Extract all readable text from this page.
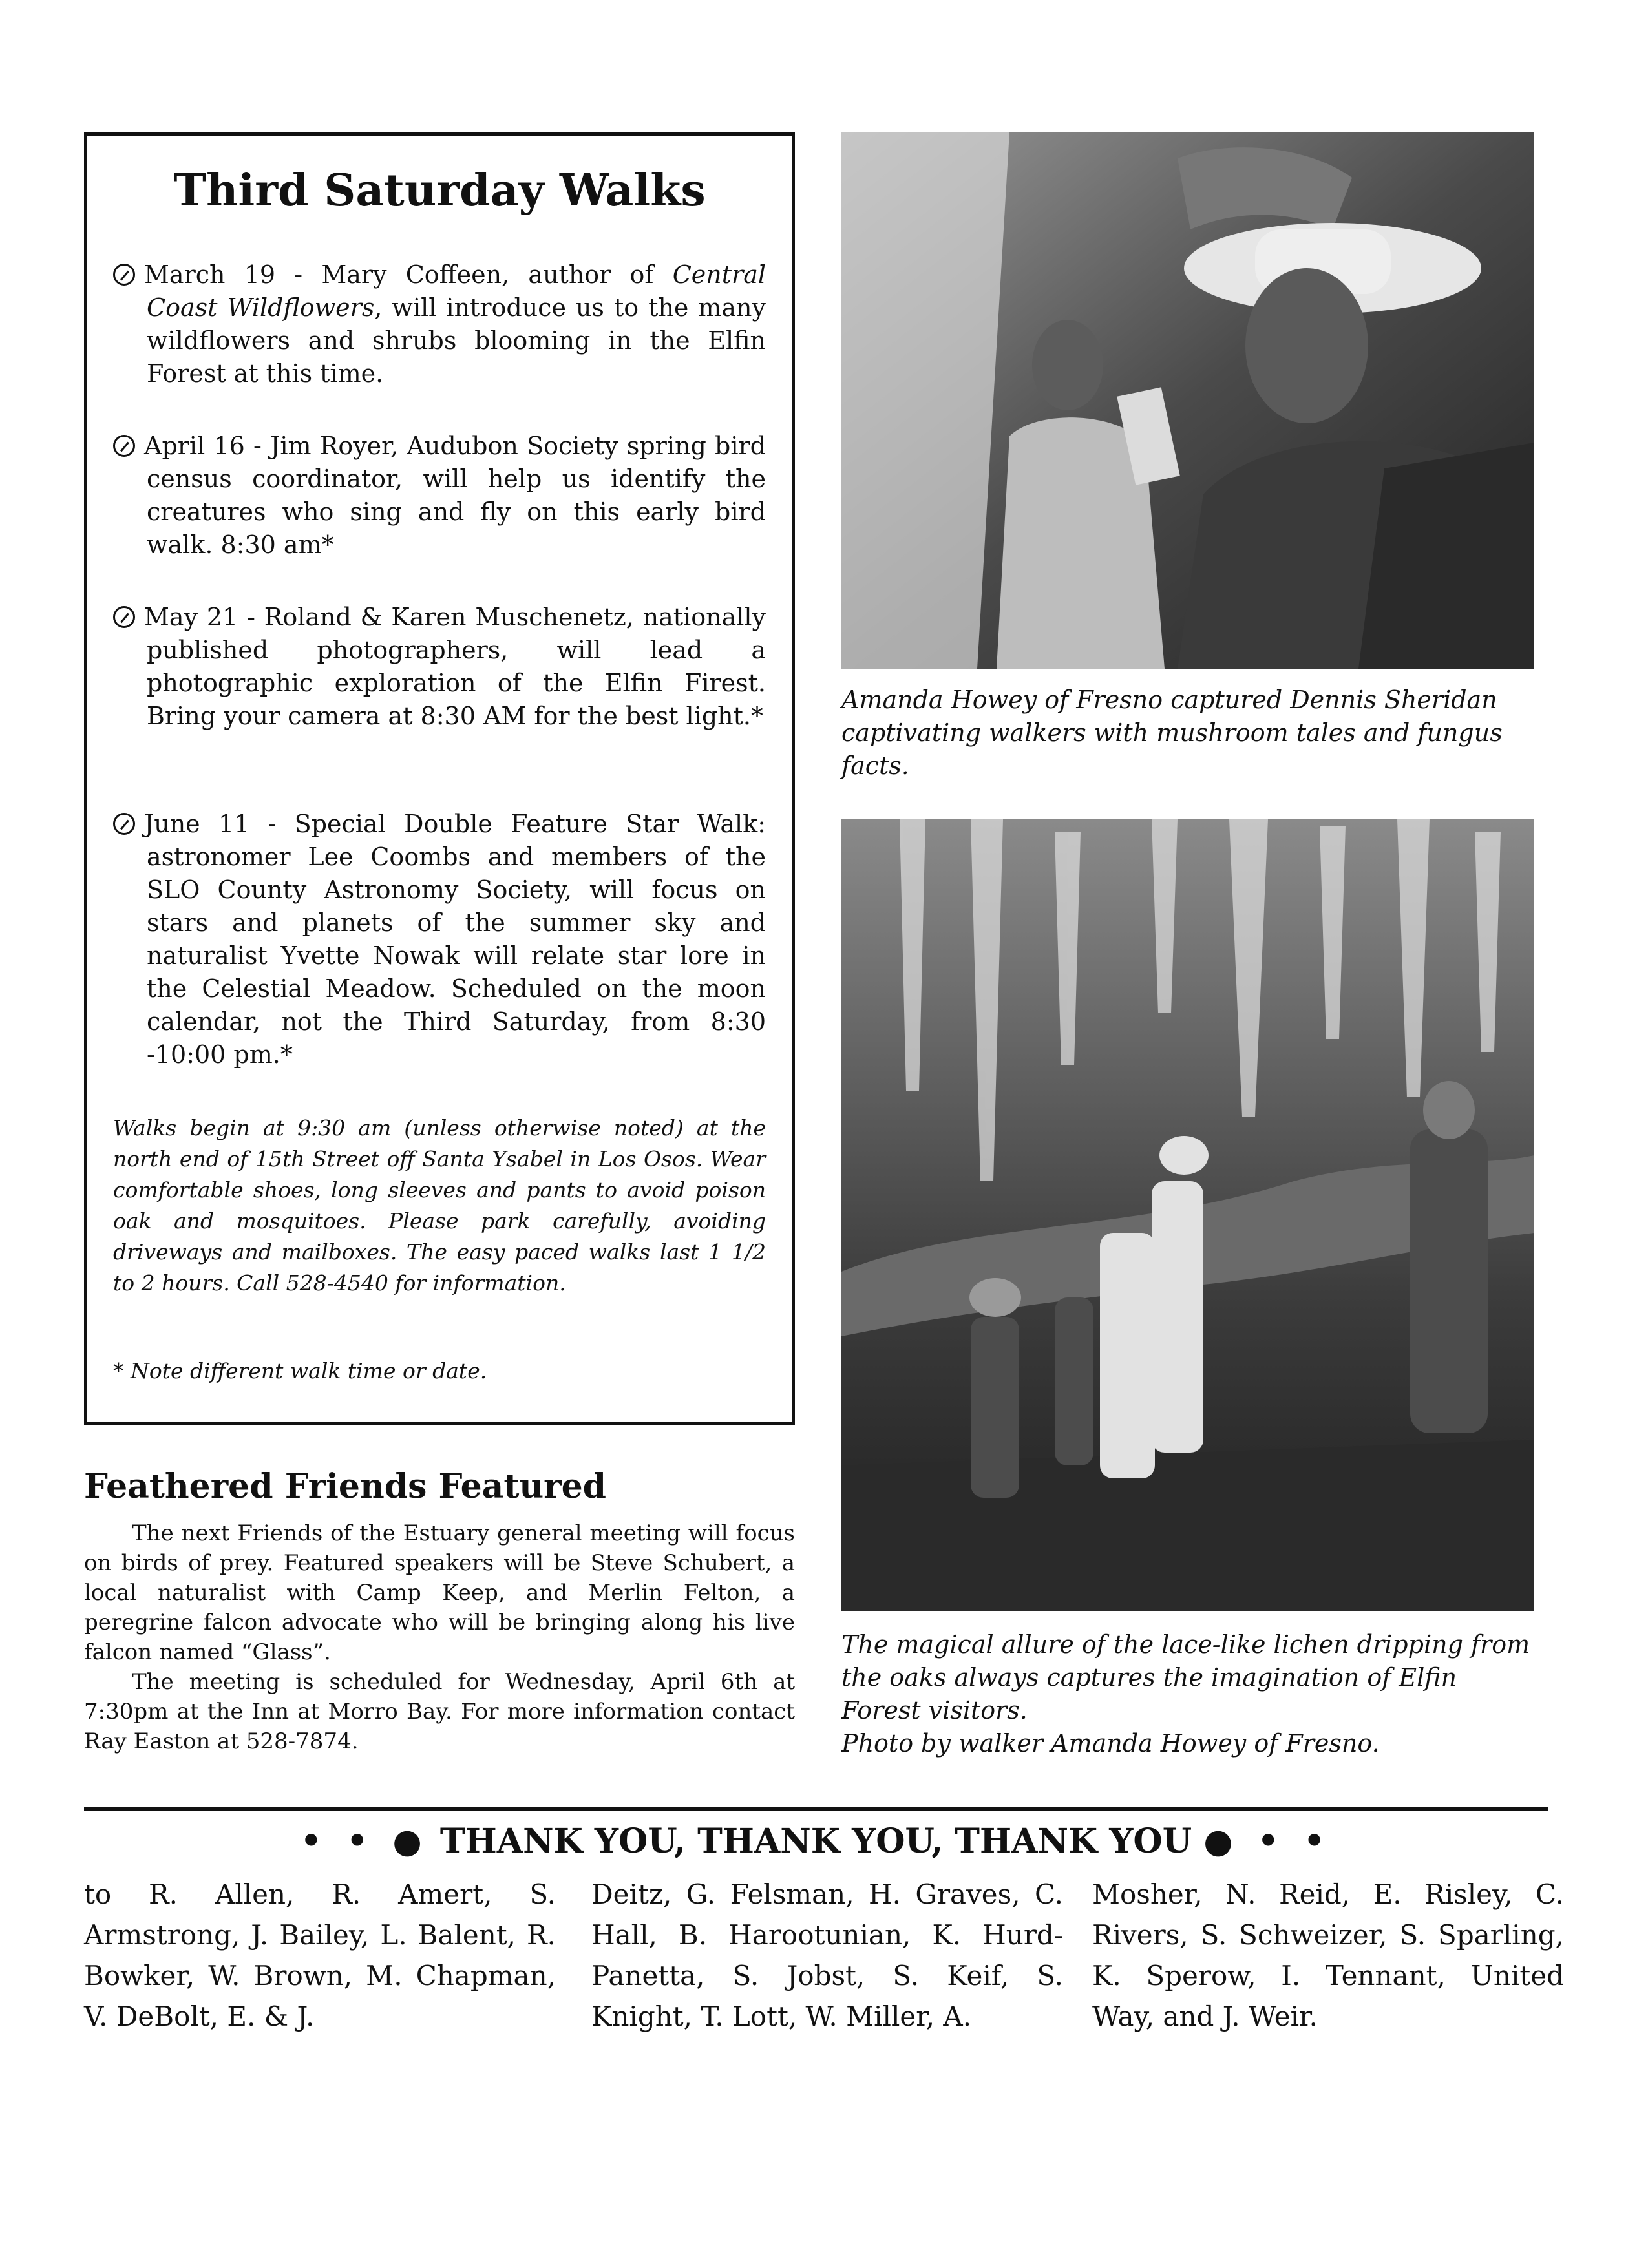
Third Saturday Walks
March 19 - Mary Coffeen, author of Central Coast Wildflowers, will introduce us to the many wildflowers and shrubs blooming in the Elfin Forest at this time.
April 16 - Jim Royer, Audubon Society spring bird census coordinator, will help us identify the creatures who sing and fly on this early bird walk. 8:30 am*
May 21 - Roland & Karen Muschenetz, nationally published photographers, will lead a photographic exploration of the Elfin Firest. Bring your camera at 8:30 AM for the best light.*
June 11 - Special Double Feature Star Walk: astronomer Lee Coombs and members of the SLO County Astronomy Society, will focus on stars and planets of the summer sky and naturalist Yvette Nowak will relate star lore in the Celestial Meadow. Scheduled on the moon calendar, not the Third Saturday, from 8:30 -10:00 pm.*
Walks begin at 9:30 am (unless otherwise noted) at the north end of 15th Street off Santa Ysabel in Los Osos. Wear comfortable shoes, long sleeves and pants to avoid poison oak and mosquitoes. Please park carefully, avoiding driveways and mailboxes. The easy paced walks last 1 1/2 to 2 hours. Call 528-4540 for information.
* Note different walk time or date.
Feathered Friends Featured

The next Friends of the Estuary general meeting will focus on birds of prey. Featured speakers will be Steve Schubert, a local naturalist with Camp Keep, and Merlin Felton, a peregrine falcon advocate who will be bringing along his live falcon named “Glass”.

The meeting is scheduled for Wednesday, April 6th at 7:30pm at the Inn at Morro Bay. For more information contact Ray Easton at 528-7874.

Amanda Howey of Fresno captured Dennis Sheridan captivating walkers with mushroom tales and fungus facts.

The magical allure of the lace-like lichen dripping from the oaks always captures the imagination of Elfin Forest visitors.

Photo by walker Amanda Howey of Fresno.

• • ● THANK YOU, THANK YOU, THANK YOU ● • •
to R. Allen, R. Amert, S. Armstrong, J. Bailey, L. Balent, R. Bowker, W. Brown, M. Chapman, V. DeBolt, E. & J.
Deitz, G. Felsman, H. Graves, C. Hall, B. Harootunian, K. Hurd-Panetta, S. Jobst, S. Keif, S. Knight, T. Lott, W. Miller, A.
Mosher, N. Reid, E. Risley, C. Rivers, S. Schweizer, S. Sparling, K. Sperow, I. Tennant, United Way, and J. Weir.
